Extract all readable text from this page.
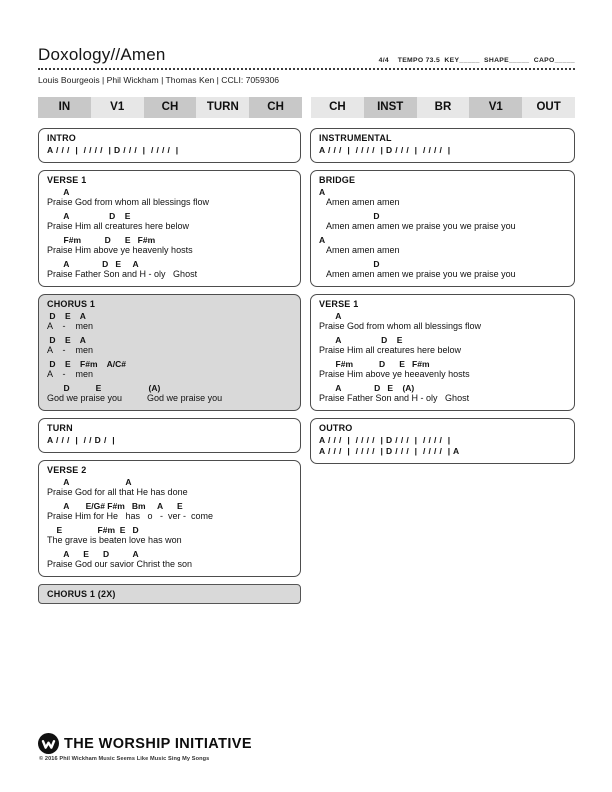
Doxology//Amen	4/4    TEMPO 73.5  KEY_____  SHAPE_____  CAPO_____
Louis Bourgeois | Phil Wickham | Thomas Ken | CCLI: 7059306
IN	V1	CH	TURN	CH	CH	INST	BR	V1	OUT
INTRO
A / / /  |  / / / /  | D / / /  |  / / / /  |
VERSE 1
A
Praise God from whom all blessings flow
A                 D    E
Praise Him all creatures here below
F#m          D      E   F#m
Praise Him above ye heavenly hosts
A              D   E     A
Praise Father Son and H - oly   Ghost
CHORUS 1
D    E    A
A    -    men
D    E    A
A    -    men
D    E    F#m    A/C#
A    -    men
D           E                    (A)
God we praise you          God we praise you
TURN
A / / /  |  / / D /  |
VERSE 2
A                        A
Praise God for all that He has done
A       E/G# F#m   Bm     A      E
Praise Him for He   has   o   -  ver -  come
E               F#m  E   D
The grave is beaten love has won
A      E      D          A
Praise God our savior Christ the son
CHORUS 1 (2X)
INSTRUMENTAL
A / / /  |  / / / /  | D / / /  |  / / / /  |
BRIDGE
A
Amen amen amen
D
Amen amen amen we praise you we praise you
A
Amen amen amen
D
Amen amen amen we praise you we praise you
VERSE 1
A
Praise God from whom all blessings flow
A                 D    E
Praise Him all creatures here below
F#m           D      E   F#m
Praise Him above ye heeavenly hosts
A              D   E    (A)
Praise Father Son and H - oly   Ghost
OUTRO
A / / /  |  / / / /  | D / / /  |  / / / /  |
A / / /  |  / / / /  | D / / /  |  / / / /  | A
THE WORSHIP INITIATIVE
© 2016 Phil Wickham Music Seems Like Music Sing My Songs
